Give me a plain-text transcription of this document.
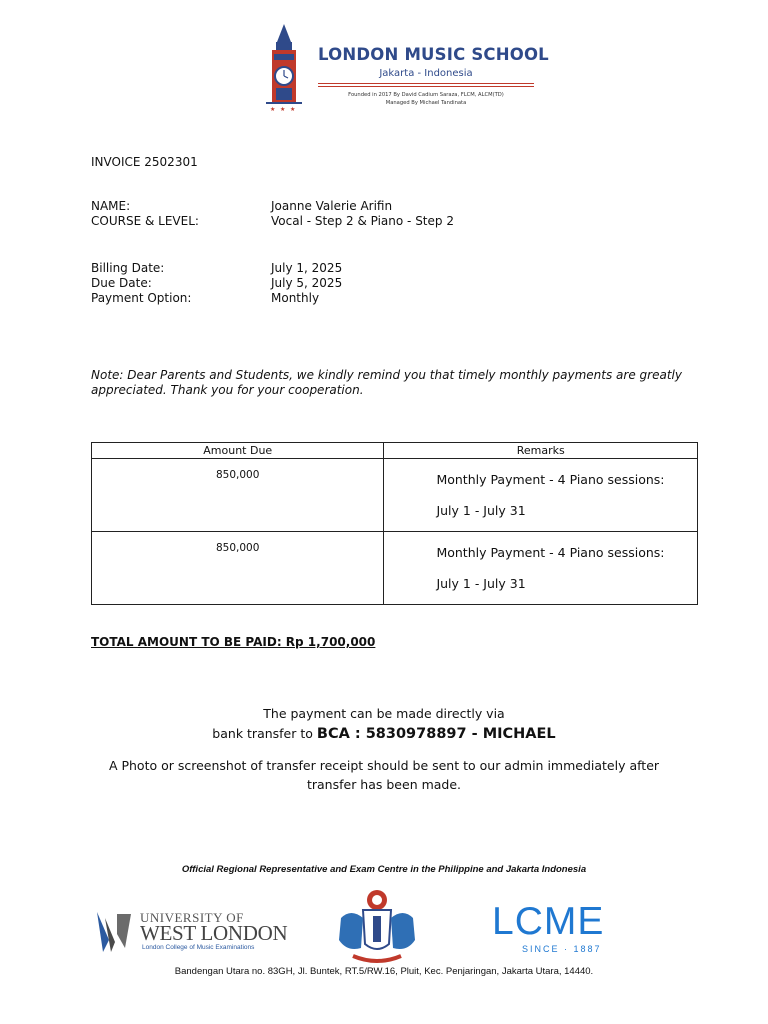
★ ★ ★
LONDON MUSIC SCHOOL
Jakarta - Indonesia
Founded in 2017 By David Cadium Saraza, FLCM, ALCM(TD)
Managed By Michael Tandinata
INVOICE 2502301
NAME:	Joanne Valerie Arifin
COURSE & LEVEL:	Vocal - Step 2 & Piano - Step 2
Billing Date:	July 1, 2025
Due Date:	July 5, 2025
Payment Option:	Monthly
Note: Dear Parents and Students, we kindly remind you that timely monthly payments are greatly appreciated. Thank you for your cooperation.
Amount Due	Remarks
850,000	Monthly Payment - 4 Piano sessions:
July 1 - July 31

850,000	Monthly Payment - 4 Piano sessions:
July 1 - July 31
TOTAL AMOUNT TO BE PAID: Rp 1,700,000
The payment can be made directly via
bank transfer to BCA : 5830978897 - MICHAEL
A Photo or screenshot of transfer receipt should be sent to our admin immediately after transfer has been made.
Official Regional Representative and Exam Centre in the Philippine and Jakarta Indonesia
UNIVERSITY OF
WEST LONDON
London College of Music Examinations
LCME
SINCE · 1887
Bandengan Utara no. 83GH, Jl. Buntek, RT.5/RW.16, Pluit, Kec. Penjaringan, Jakarta Utara, 14440.
